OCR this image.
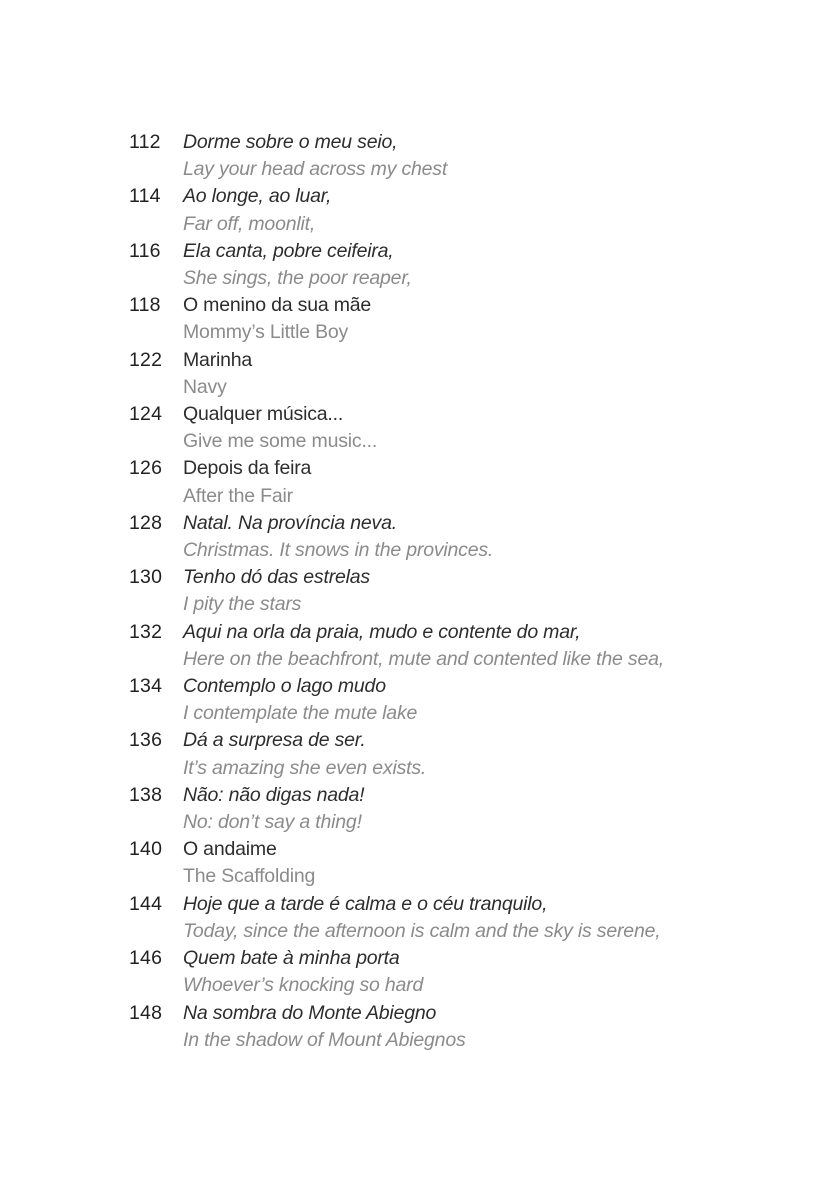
112	Dorme sobre o meu seio,
Lay your head across my chest
114	Ao longe, ao luar,
Far off, moonlit,
116	Ela canta, pobre ceifeira,
She sings, the poor reaper,
118	O menino da sua mãe
Mommy’s Little Boy
122	Marinha
Navy
124	Qualquer música...
Give me some music...
126	Depois da feira
After the Fair
128	Natal. Na província neva.
Christmas. It snows in the provinces.
130	Tenho dó das estrelas
I pity the stars
132	Aqui na orla da praia, mudo e contente do mar,
Here on the beachfront, mute and contented like the sea,
134	Contemplo o lago mudo
I contemplate the mute lake
136	Dá a surpresa de ser.
It’s amazing she even exists.
138	Não: não digas nada!
No: don’t say a thing!
140	O andaime
The Scaffolding
144	Hoje que a tarde é calma e o céu tranquilo,
Today, since the afternoon is calm and the sky is serene,
146	Quem bate à minha porta
Whoever’s knocking so hard
148	Na sombra do Monte Abiegno
In the shadow of Mount Abiegnos
